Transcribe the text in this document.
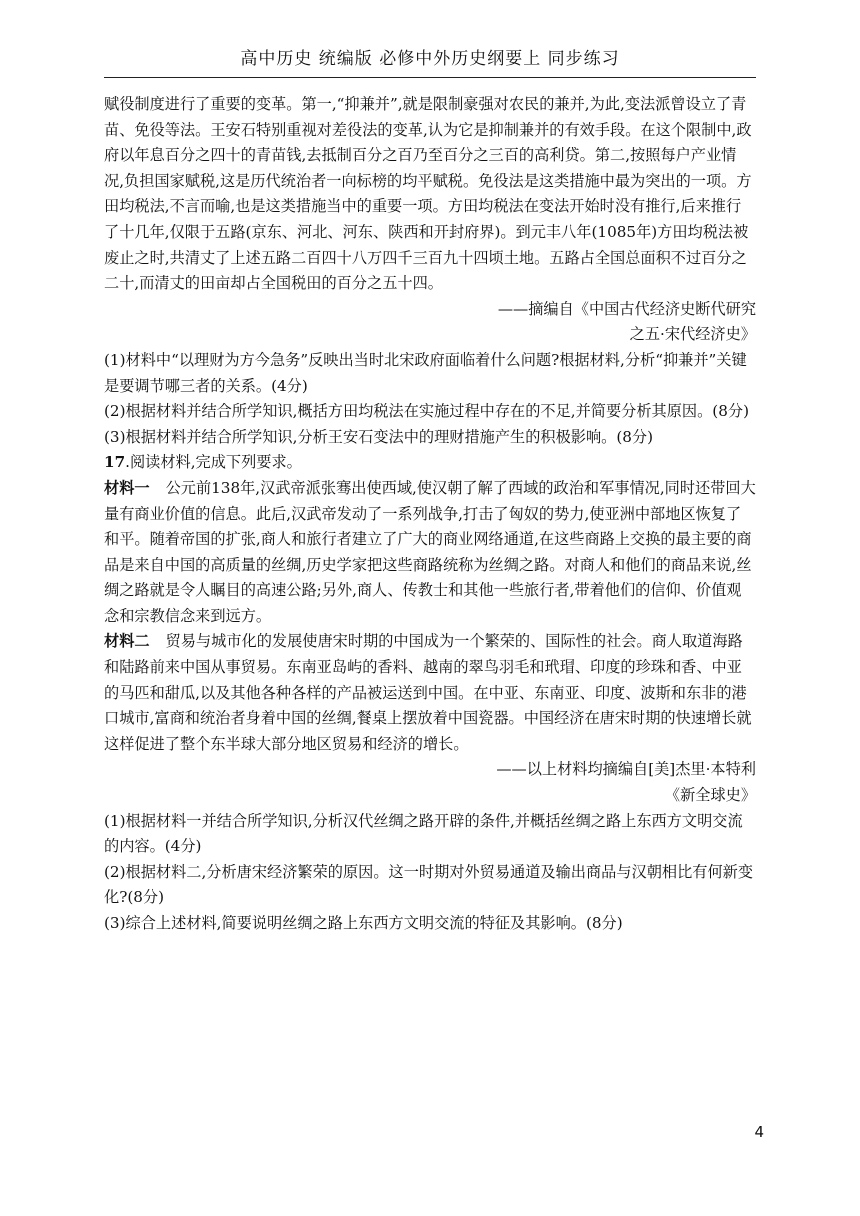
高中历史 统编版 必修中外历史纲要上 同步练习

赋役制度进行了重要的变革。第一,“抑兼并”,就是限制豪强对农民的兼并,为此,变法派曾设立了青苗、免役等法。王安石特别重视对差役法的变革,认为它是抑制兼并的有效手段。在这个限制中,政府以年息百分之四十的青苗钱,去抵制百分之百乃至百分之三百的高利贷。第二,按照每户产业情况,负担国家赋税,这是历代统治者一向标榜的均平赋税。免役法是这类措施中最为突出的一项。方田均税法,不言而喻,也是这类措施当中的重要一项。方田均税法在变法开始时没有推行,后来推行了十几年,仅限于五路(京东、河北、河东、陕西和开封府界)。到元丰八年(1085年)方田均税法被废止之时,共清丈了上述五路二百四十八万四千三百九十四顷土地。五路占全国总面积不过百分之二十,而清丈的田亩却占全国税田的百分之五十四。

——摘编自《中国古代经济史断代研究

之五·宋代经济史》

(1)材料中“以理财为方今急务”反映出当时北宋政府面临着什么问题?根据材料,分析“抑兼并”关键是要调节哪三者的关系。(4分)

(2)根据材料并结合所学知识,概括方田均税法在实施过程中存在的不足,并简要分析其原因。(8分)

(3)根据材料并结合所学知识,分析王安石变法中的理财措施产生的积极影响。(8分)

17.阅读材料,完成下列要求。

材料一 公元前138年,汉武帝派张骞出使西域,使汉朝了解了西域的政治和军事情况,同时还带回大量有商业价值的信息。此后,汉武帝发动了一系列战争,打击了匈奴的势力,使亚洲中部地区恢复了和平。随着帝国的扩张,商人和旅行者建立了广大的商业网络通道,在这些商路上交换的最主要的商品是来自中国的高质量的丝绸,历史学家把这些商路统称为丝绸之路。对商人和他们的商品来说,丝绸之路就是令人瞩目的高速公路;另外,商人、传教士和其他一些旅行者,带着他们的信仰、价值观念和宗教信念来到远方。

材料二 贸易与城市化的发展使唐宋时期的中国成为一个繁荣的、国际性的社会。商人取道海路和陆路前来中国从事贸易。东南亚岛屿的香料、越南的翠鸟羽毛和玳瑁、印度的珍珠和香、中亚的马匹和甜瓜,以及其他各种各样的产品被运送到中国。在中亚、东南亚、印度、波斯和东非的港口城市,富商和统治者身着中国的丝绸,餐桌上摆放着中国瓷器。中国经济在唐宋时期的快速增长就这样促进了整个东半球大部分地区贸易和经济的增长。

——以上材料均摘编自[美]杰里·本特利

《新全球史》

(1)根据材料一并结合所学知识,分析汉代丝绸之路开辟的条件,并概括丝绸之路上东西方文明交流的内容。(4分)

(2)根据材料二,分析唐宋经济繁荣的原因。这一时期对外贸易通道及输出商品与汉朝相比有何新变化?(8分)

(3)综合上述材料,简要说明丝绸之路上东西方文明交流的特征及其影响。(8分)

4
